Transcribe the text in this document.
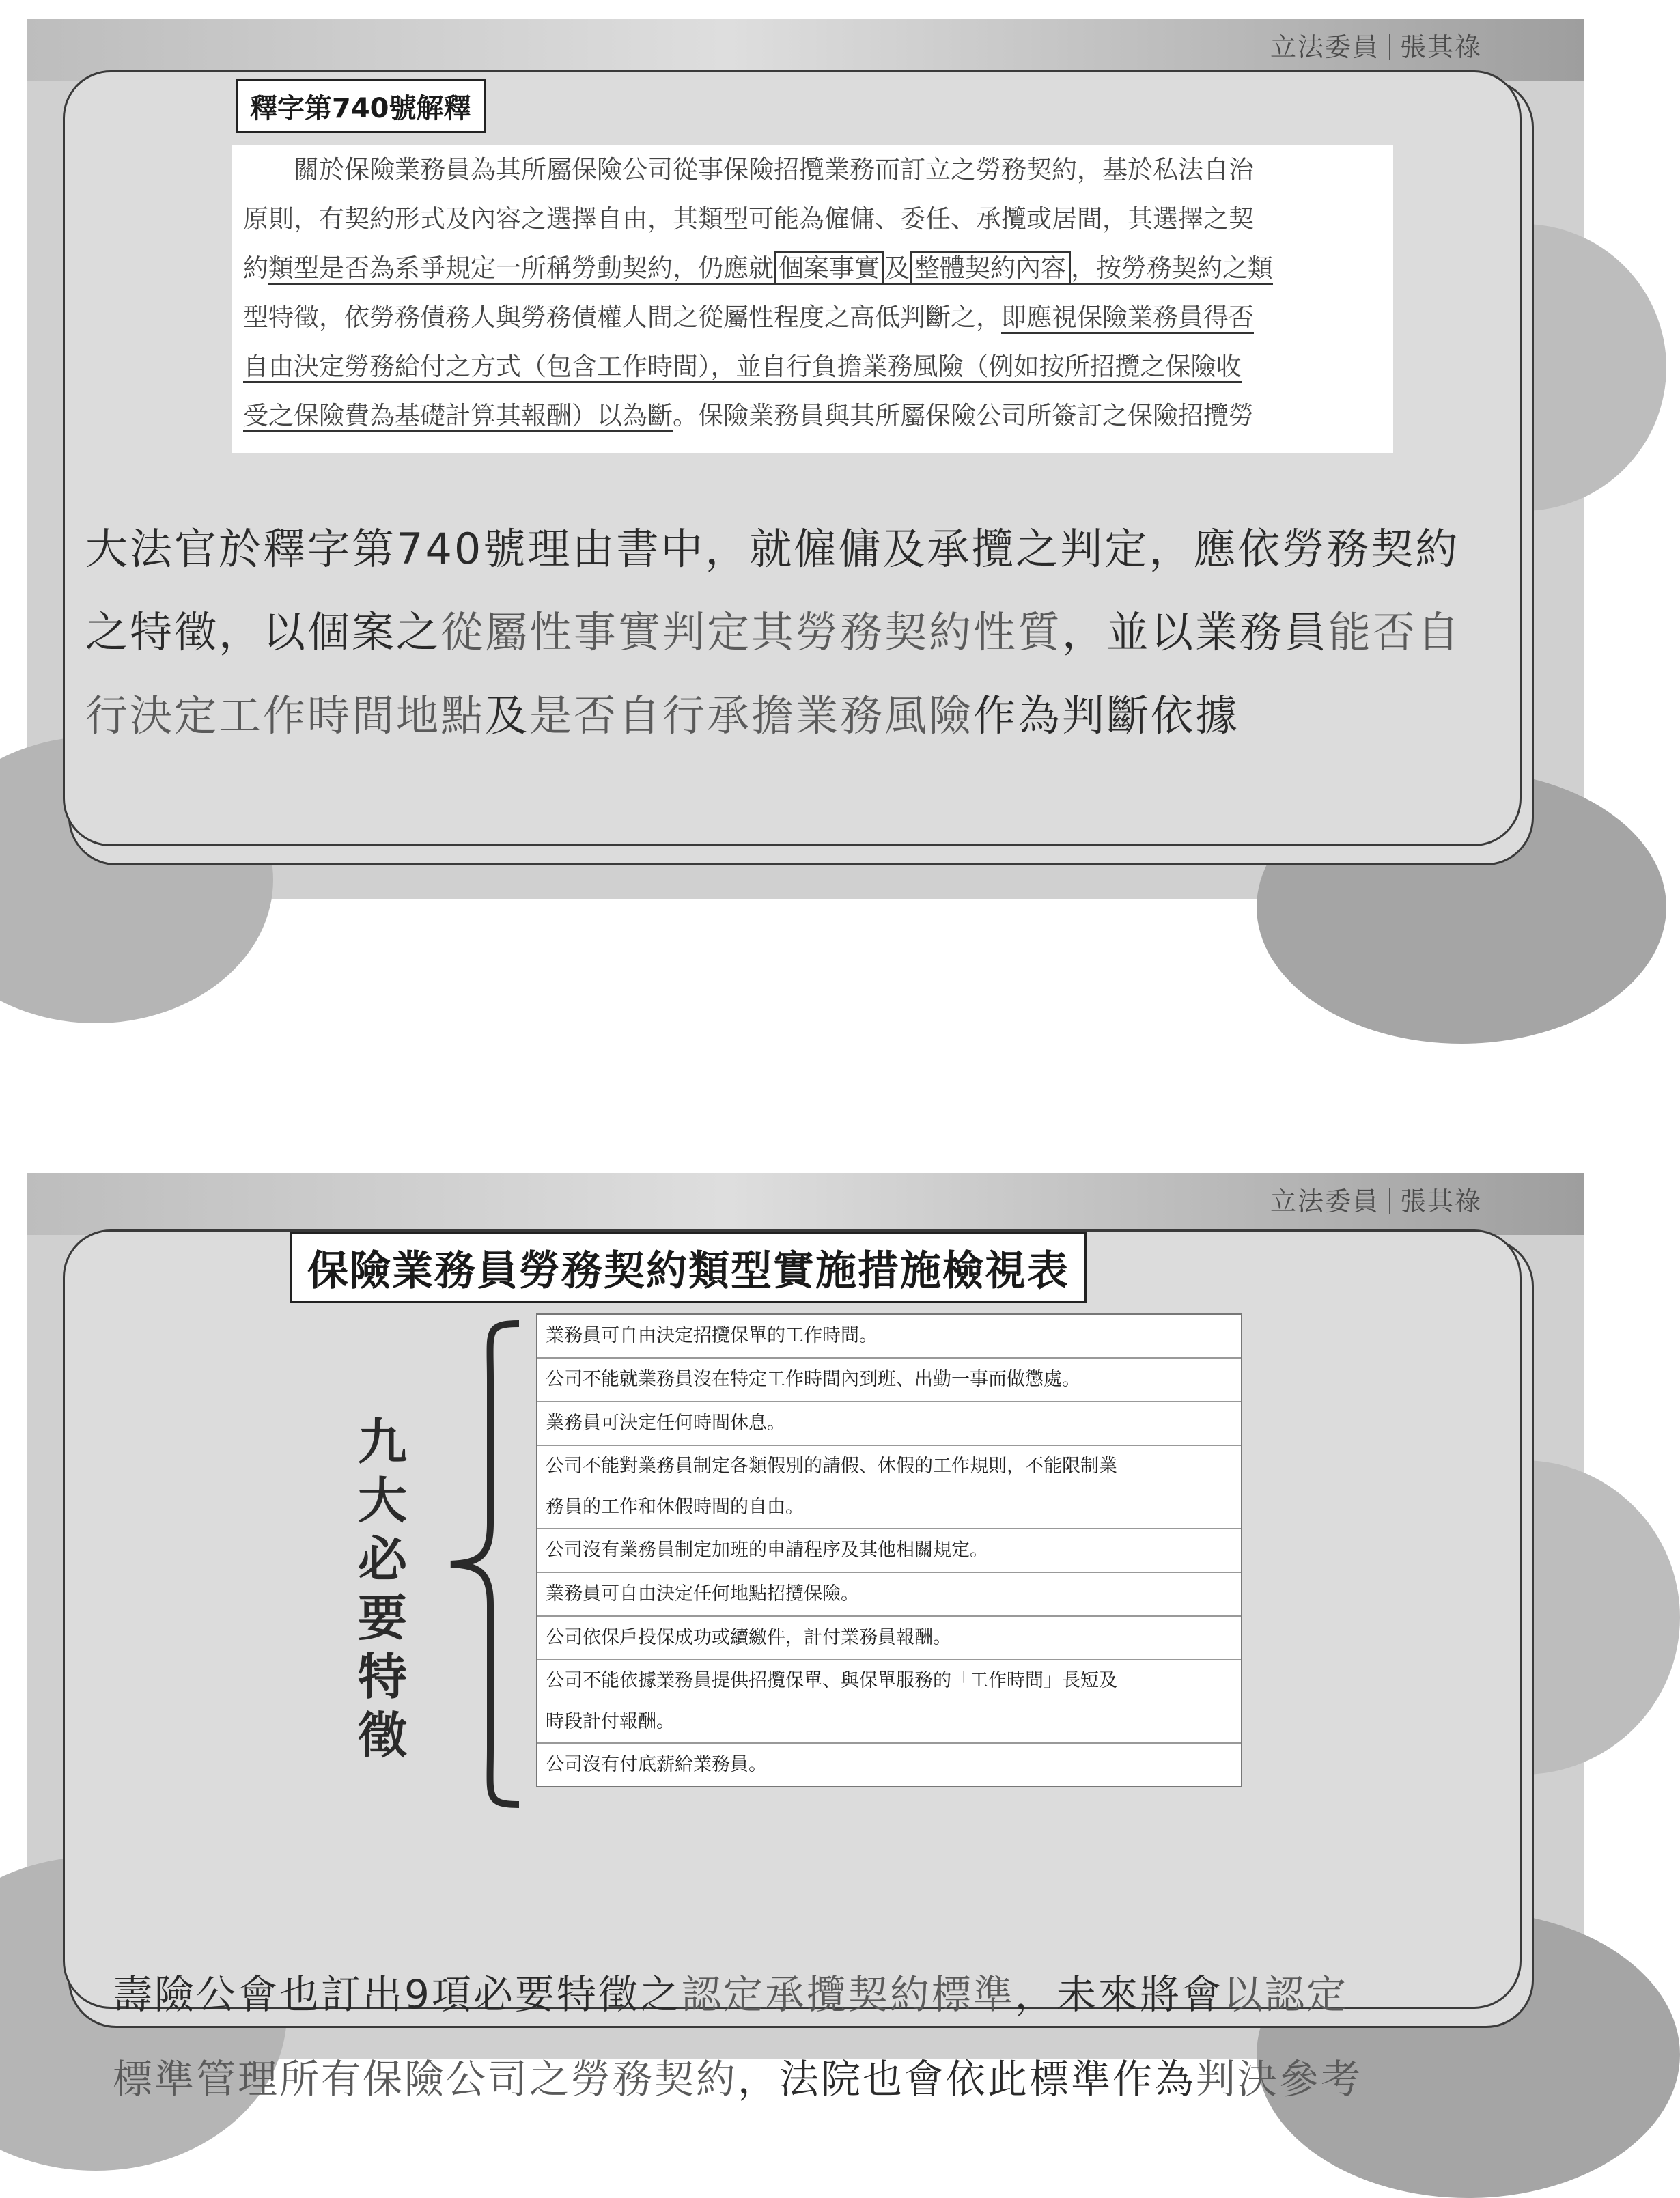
立法委員 張其祿
釋字第740號解釋

　　關於保險業務員為其所屬保險公司從事保險招攬業務而訂立之勞務契約，基於私法自治

原則，有契約形式及內容之選擇自由，其類型可能為僱傭、委任、承攬或居間，其選擇之契

約類型是否為系爭規定一所稱勞動契約，仍應就 個案事實 及 整體契約內容 ，按勞務契約之類

型特徵，依勞務債務人與勞務債權人間之從屬性程度之高低判斷之，即應視保險業務員得否

自由決定勞務給付之方式（包含工作時間），並自行負擔業務風險（例如按所招攬之保險收

受之保險費為基礎計算其報酬）以為斷。保險業務員與其所屬保險公司所簽訂之保險招攬勞

大法官於釋字第740號理由書中，就僱傭及承攬之判定，應依勞務契約

之特徵，以個案之從屬性事實判定其勞務契約性質，並以業務員能否自

行決定工作時間地點及是否自行承擔業務風險作為判斷依據

立法委員 張其祿
保險業務員勞務契約類型實施措施檢視表
九
大
必
要
特
徵
業務員可自由決定招攬保單的工作時間。
公司不能就業務員沒在特定工作時間內到班、出勤一事而做懲處。
業務員可決定任何時間休息。
公司不能對業務員制定各類假別的請假、休假的工作規則，不能限制業
務員的工作和休假時間的自由。
公司沒有業務員制定加班的申請程序及其他相關規定。
業務員可自由決定任何地點招攬保險。
公司依保戶投保成功或續繳件，計付業務員報酬。
公司不能依據業務員提供招攬保單、與保單服務的「工作時間」長短及
時段計付報酬。
公司沒有付底薪給業務員。

壽險公會也訂出9項必要特徵之認定承攬契約標準，未來將會以認定

標準管理所有保險公司之勞務契約，法院也會依此標準作為判決參考
